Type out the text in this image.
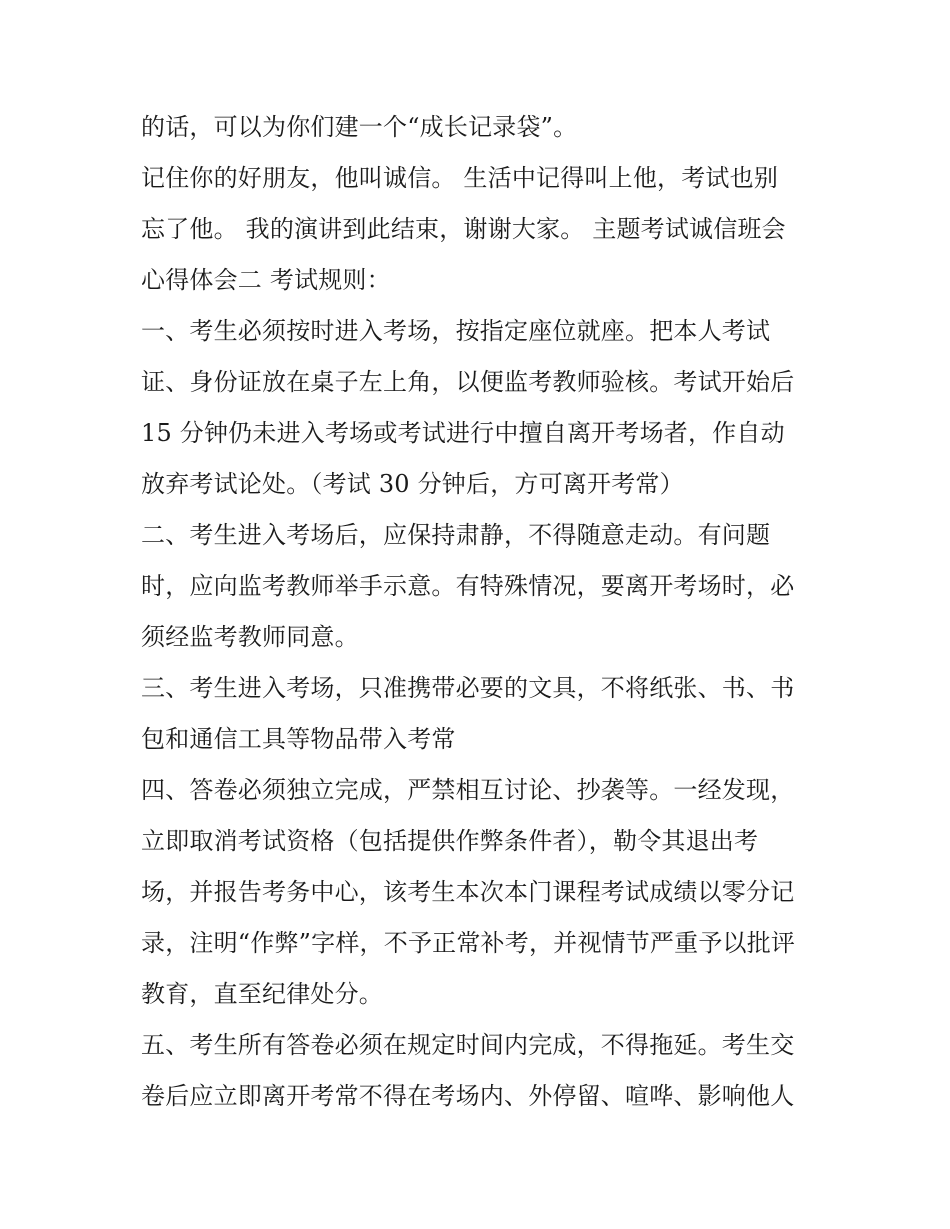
的话，可以为你们建一个“成长记录袋”。
记住你的好朋友，他叫诚信。 生活中记得叫上他，考试也别
忘了他。 我的演讲到此结束，谢谢大家。 主题考试诚信班会
心得体会二 考试规则：
一、考生必须按时进入考场，按指定座位就座。把本人考试
证、身份证放在桌子左上角，以便监考教师验核。考试开始后
15 分钟仍未进入考场或考试进行中擅自离开考场者，作自动
放弃考试论处。（考试 30 分钟后，方可离开考常）
二、考生进入考场后，应保持肃静，不得随意走动。有问题
时，应向监考教师举手示意。有特殊情况，要离开考场时，必
须经监考教师同意。
三、考生进入考场，只准携带必要的文具，不将纸张、书、书
包和通信工具等物品带入考常
四、答卷必须独立完成，严禁相互讨论、抄袭等。一经发现，
立即取消考试资格（包括提供作弊条件者），勒令其退出考
场，并报告考务中心，该考生本次本门课程考试成绩以零分记
录，注明“作弊”字样，不予正常补考，并视情节严重予以批评
教育，直至纪律处分。
五、考生所有答卷必须在规定时间内完成，不得拖延。考生交
卷后应立即离开考常不得在考场内、外停留、喧哗、影响他人
